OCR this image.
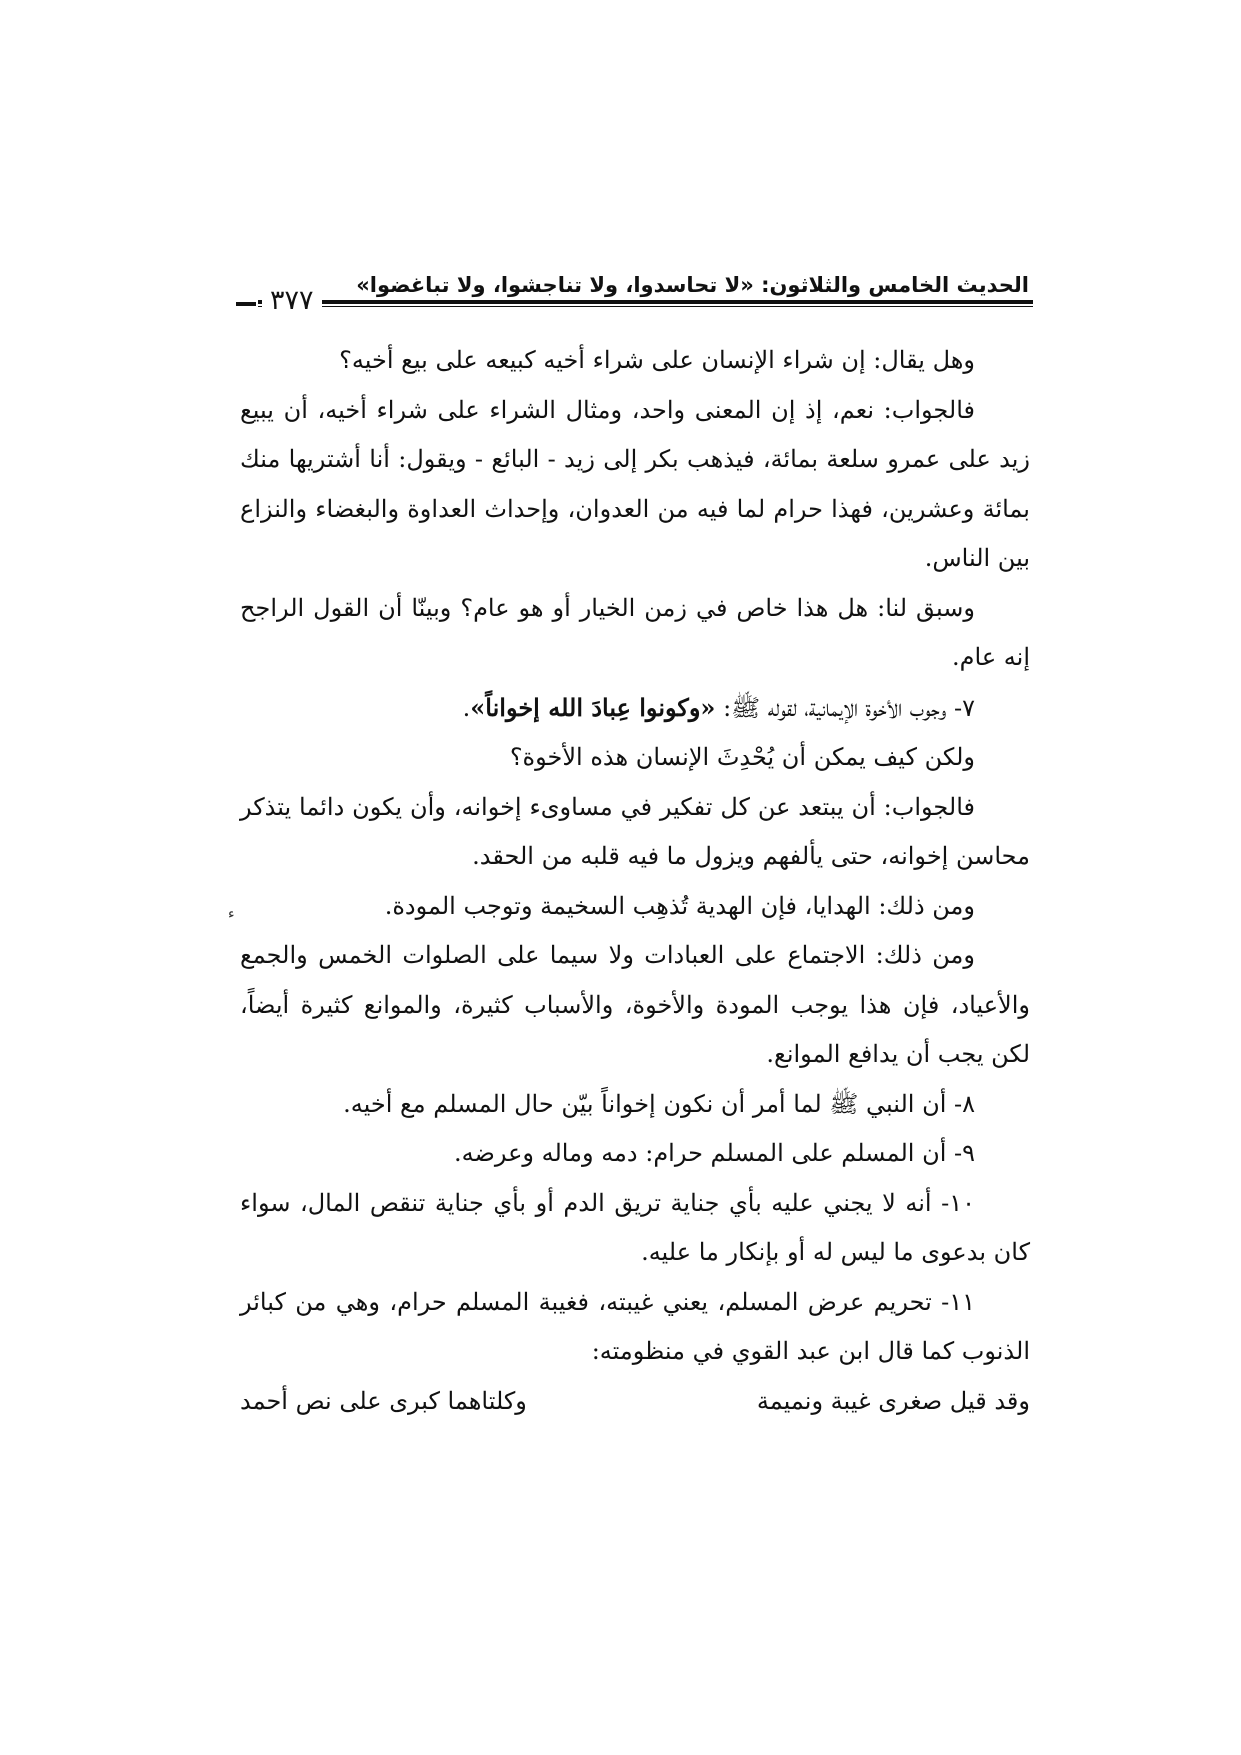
الحديث الخامس والثلاثون: «لا تحاسدوا، ولا تناجشوا، ولا تباغضوا»
٣٧٧
ء

وهل يقال: إن شراء الإنسان على شراء أخيه كبيعه على بيع أخيه؟

فالجواب: نعم، إذ إن المعنى واحد، ومثال الشراء على شراء أخيه، أن يبيع زيد على عمرو سلعة بمائة، فيذهب بكر إلى زيد - البائع - ويقول: أنا أشتريها منك بمائة وعشرين، فهذا حرام لما فيه من العدوان، وإحداث العداوة والبغضاء والنزاع بين الناس.

وسبق لنا: هل هذا خاص في زمن الخيار أو هو عام؟ وبينّا أن القول الراجح إنه عام.

٧- وجوب الأخوة الإيمانية، لقوله ﷺ: «وكونوا عِبادَ الله إخواناً».

ولكن كيف يمكن أن يُحْدِثَ الإنسان هذه الأخوة؟

فالجواب: أن يبتعد عن كل تفكير في مساوىء إخوانه، وأن يكون دائما يتذكر محاسن إخوانه، حتى يألفهم ويزول ما فيه قلبه من الحقد.

ومن ذلك: الهدايا، فإن الهدية تُذهِب السخيمة وتوجب المودة.

ومن ذلك: الاجتماع على العبادات ولا سيما على الصلوات الخمس والجمع والأعياد، فإن هذا يوجب المودة والأخوة، والأسباب كثيرة، والموانع كثيرة أيضاً، لكن يجب أن يدافع الموانع.

٨- أن النبي ﷺ لما أمر أن نكون إخواناً بيّن حال المسلم مع أخيه.

٩- أن المسلم على المسلم حرام: دمه وماله وعرضه.

١٠- أنه لا يجني عليه بأي جناية تريق الدم أو بأي جناية تنقص المال، سواء كان بدعوى ما ليس له أو بإنكار ما عليه.

١١- تحريم عرض المسلم، يعني غيبته، فغيبة المسلم حرام، وهي من كبائر الذنوب كما قال ابن عبد القوي في منظومته:

وقد قيل صغرى غيبة ونميمة
وكلتاهما كبرى على نص أحمد
